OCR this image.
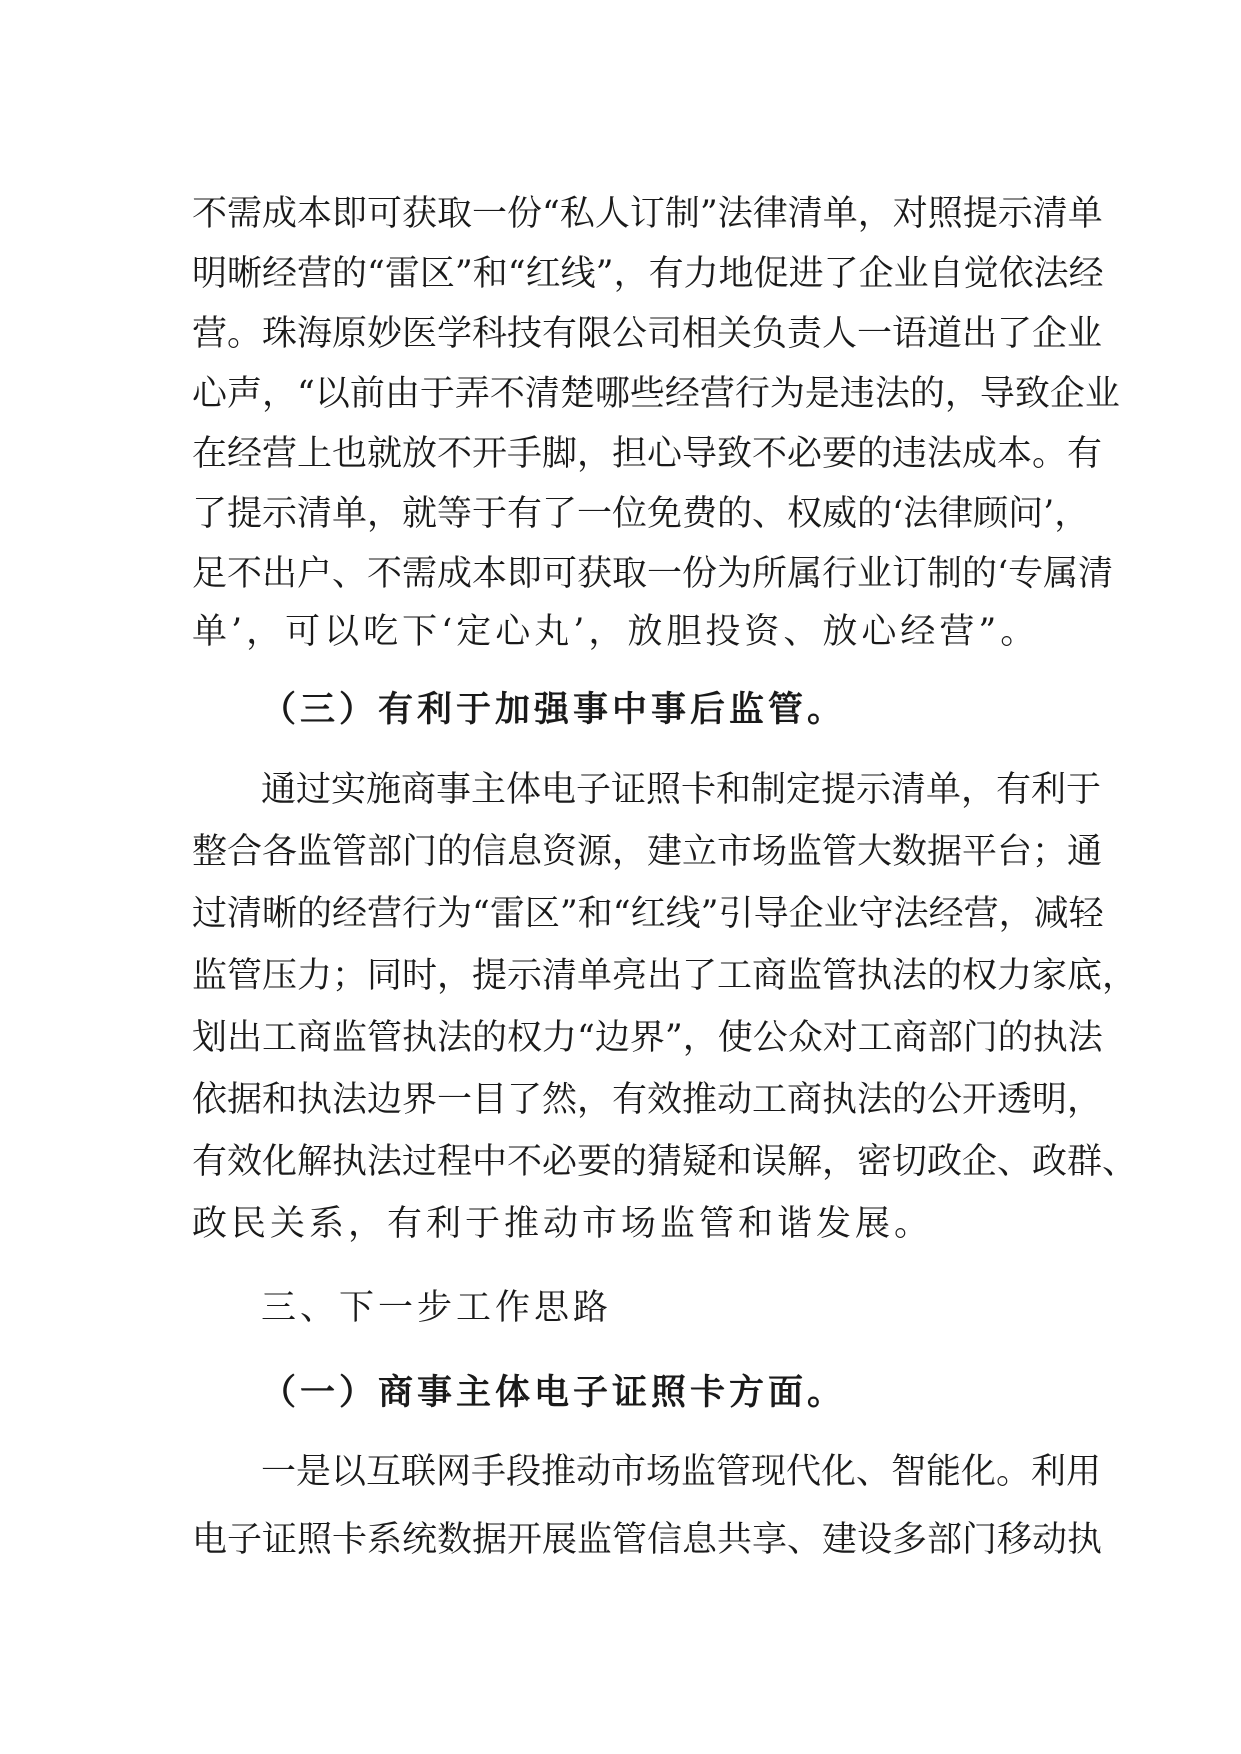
不需成本即可获取一份“私人订制”法律清单，对照提示清单
明晰经营的“雷区”和“红线”，有力地促进了企业自觉依法经
营。珠海原妙医学科技有限公司相关负责人一语道出了企业
心声，“以前由于弄不清楚哪些经营行为是违法的，导致企业
在经营上也就放不开手脚，担心导致不必要的违法成本。有
了提示清单，就等于有了一位免费的、权威的‘法律顾问’，
足不出户、不需成本即可获取一份为所属行业订制的‘专属清
单’，可以吃下‘定心丸’，放胆投资、放心经营”。
（三）有利于加强事中事后监管。
通过实施商事主体电子证照卡和制定提示清单，有利于
整合各监管部门的信息资源，建立市场监管大数据平台；通
过清晰的经营行为“雷区”和“红线”引导企业守法经营，减轻
监管压力；同时，提示清单亮出了工商监管执法的权力家底，
划出工商监管执法的权力“边界”，使公众对工商部门的执法
依据和执法边界一目了然，有效推动工商执法的公开透明，
有效化解执法过程中不必要的猜疑和误解，密切政企、政群、
政民关系，有利于推动市场监管和谐发展。
三、下一步工作思路
（一）商事主体电子证照卡方面。
一是以互联网手段推动市场监管现代化、智能化。利用
电子证照卡系统数据开展监管信息共享、建设多部门移动执
